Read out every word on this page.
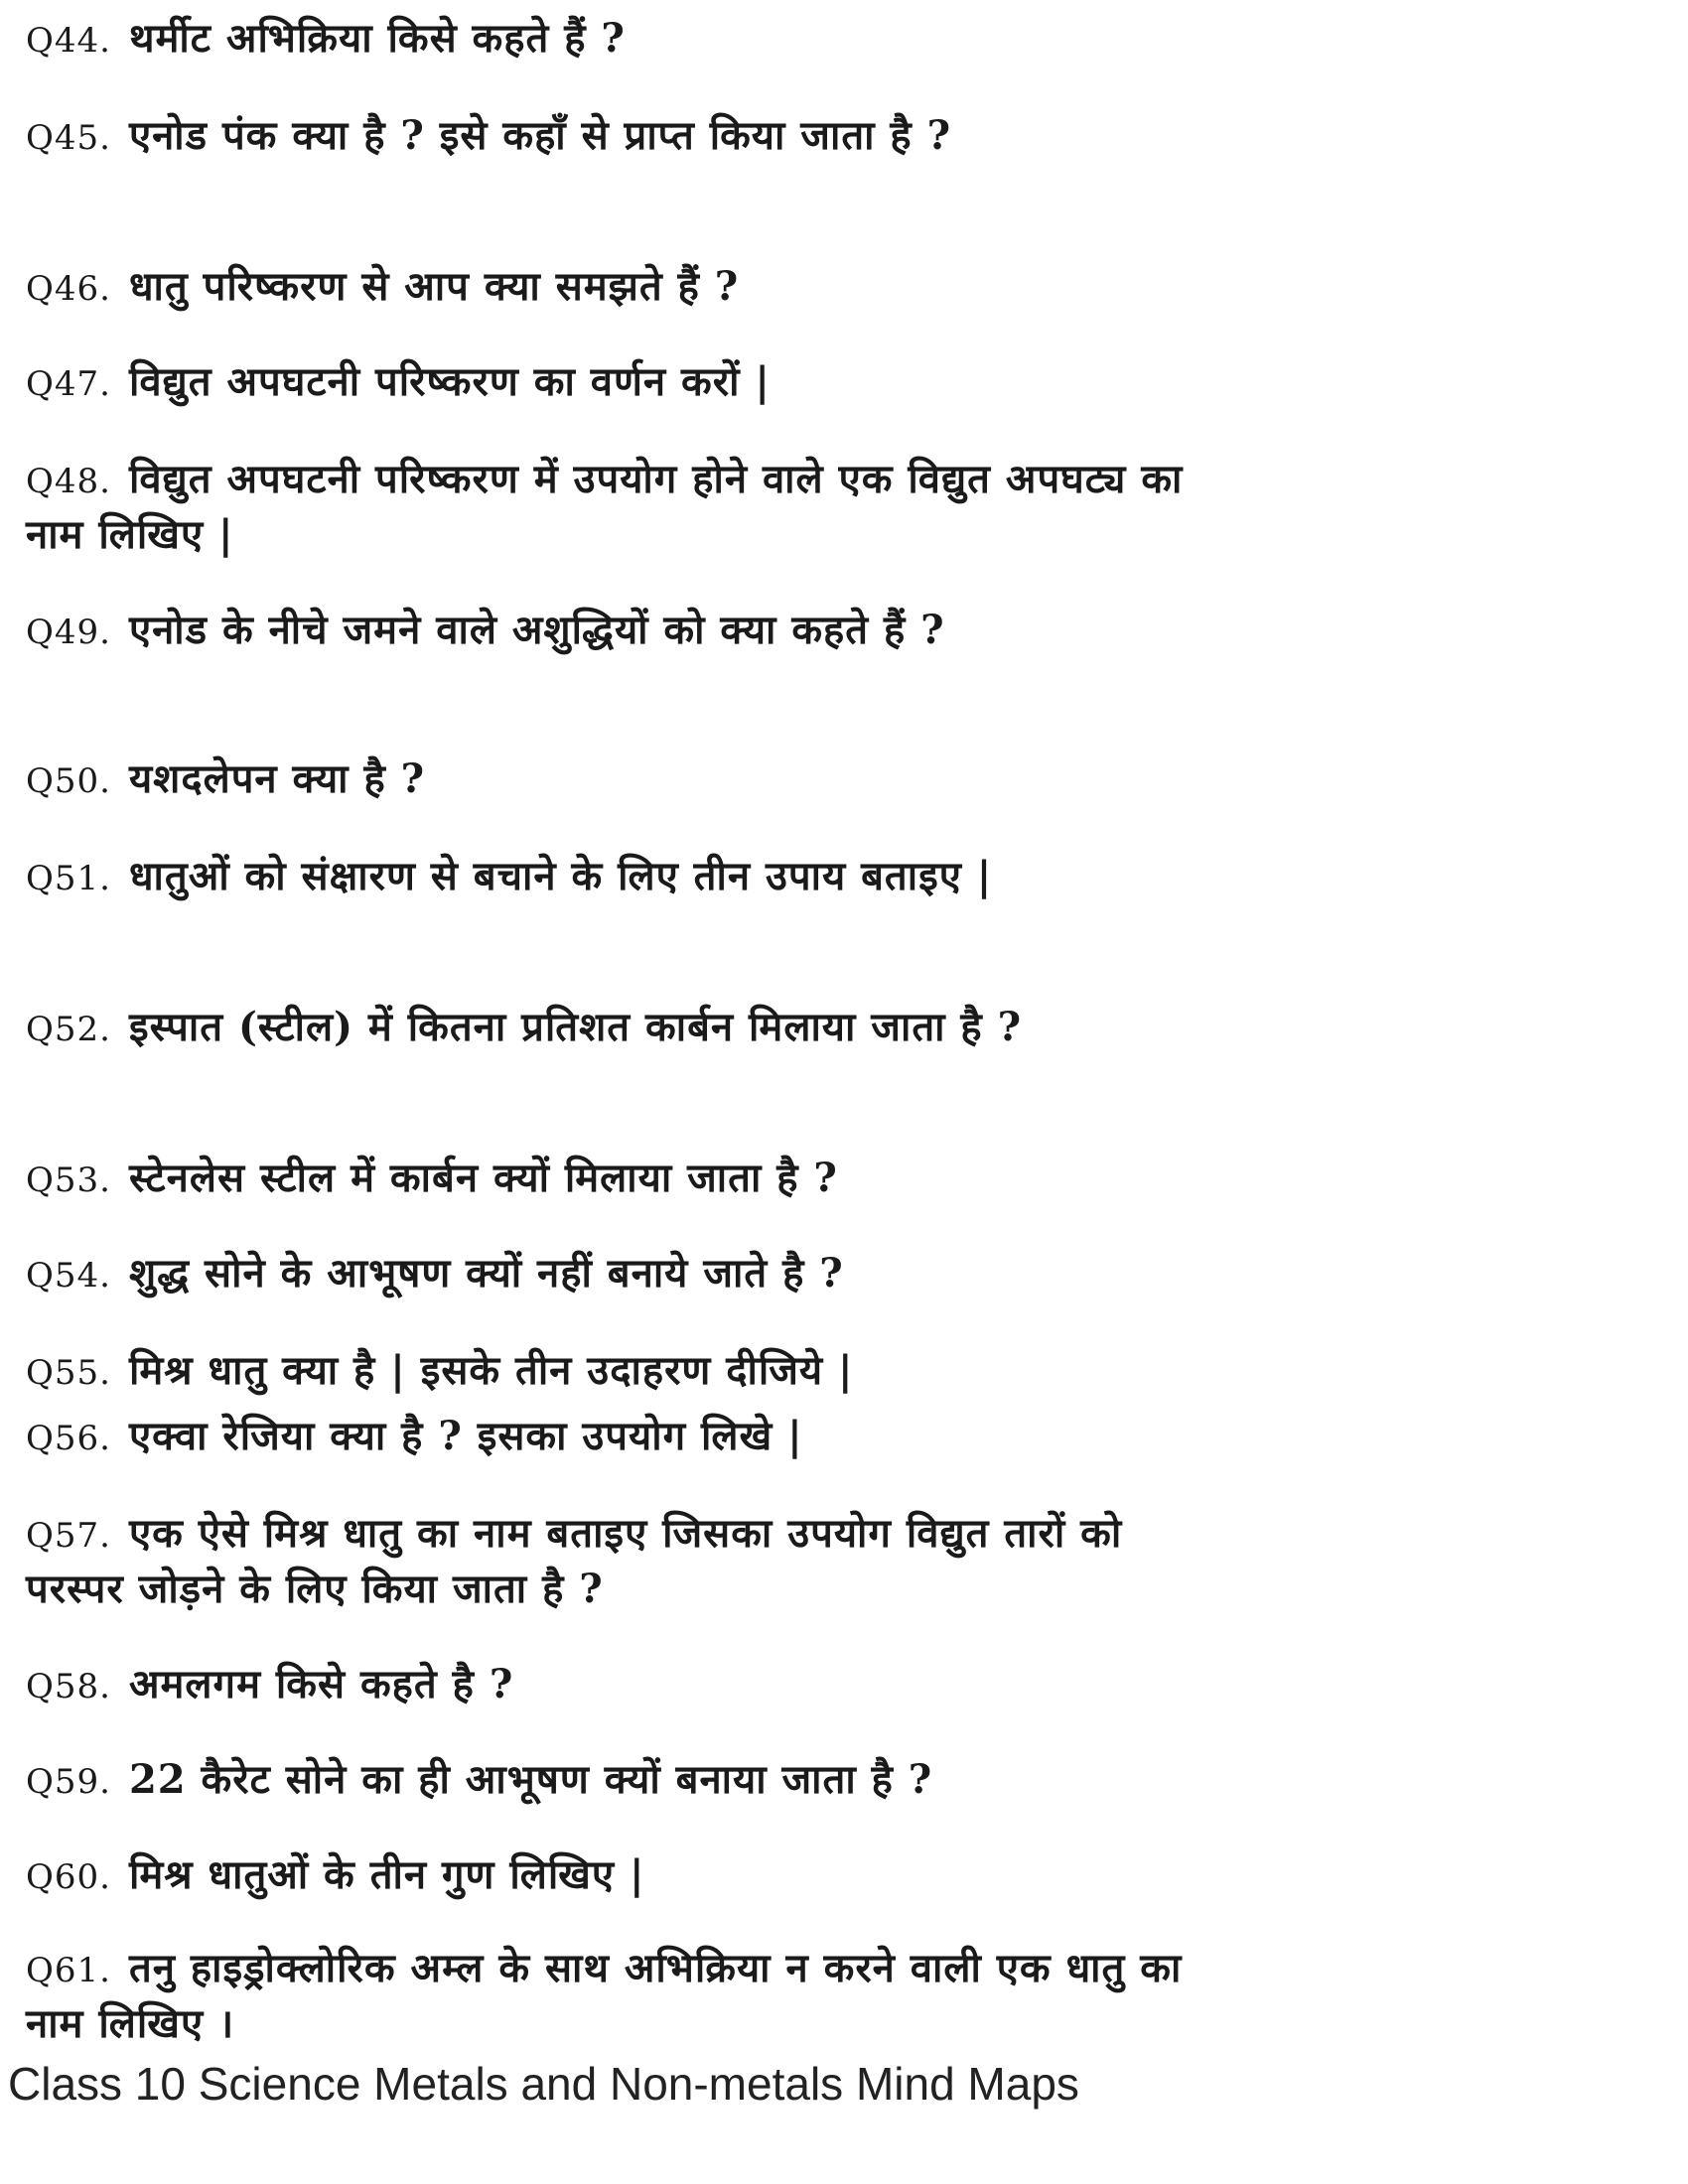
Q44. थर्मीट अभिक्रिया किसे कहते हैं ?
Q45. एनोड पंक क्या है ? इसे कहाँ से प्राप्त किया जाता है ?
Q46. धातु परिष्करण से आप क्या समझते हैं ?
Q47. विद्युत अपघटनी परिष्करण का वर्णन करों |
Q48. विद्युत अपघटनी परिष्करण में उपयोग होने वाले एक विद्युत अपघट्य का नाम लिखिए |
Q49. एनोड के नीचे जमने वाले अशुद्धियों को क्या कहते हैं ?
Q50. यशदलेपन क्या है ?
Q51. धातुओं को संक्षारण से बचाने के लिए तीन उपाय बताइए |
Q52. इस्पात (स्टील) में कितना प्रतिशत कार्बन मिलाया जाता है ?
Q53. स्टेनलेस स्टील में कार्बन क्यों मिलाया जाता है ?
Q54. शुद्ध सोने के आभूषण क्यों नहीं बनाये जाते है ?
Q55. मिश्र धातु क्या है | इसके तीन उदाहरण दीजिये |
Q56. एक्वा रेजिया क्या है ? इसका उपयोग लिखे |
Q57. एक ऐसे मिश्र धातु का नाम बताइए जिसका उपयोग विद्युत तारों को परस्पर जोड़ने के लिए किया जाता है ?
Q58. अमलगम किसे कहते है ?
Q59. 22 कैरेट सोने का ही आभूषण क्यों बनाया जाता है ?
Q60. मिश्र धातुओं के तीन गुण लिखिए |
Q61. तनु हाइड्रोक्लोरिक अम्ल के साथ अभिक्रिया न करने वाली एक धातु का नाम लिखिए ।
Class 10 Science Metals and Non-metals Mind Maps
